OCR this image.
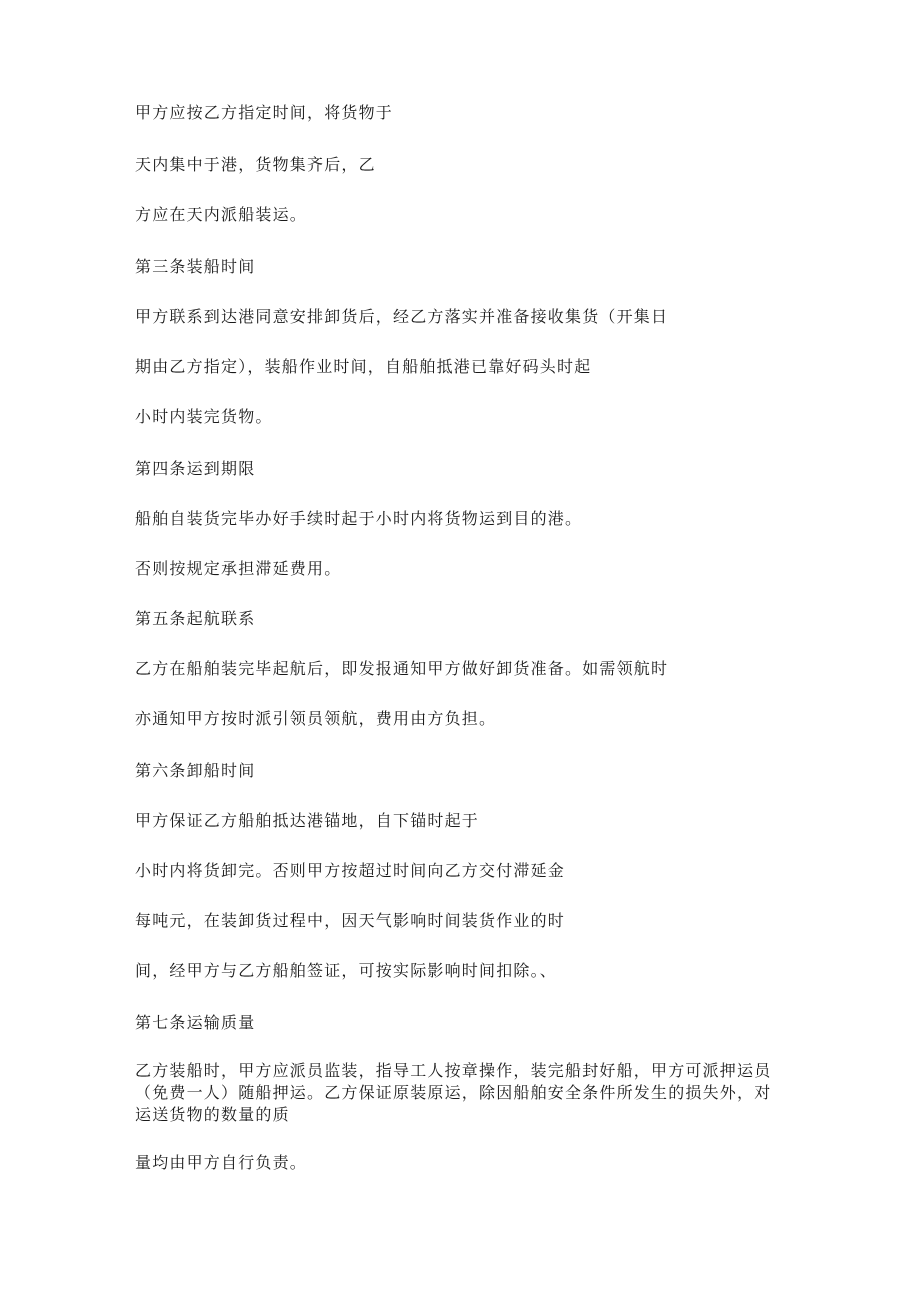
甲方应按乙方指定时间，将货物于
天内集中于港，货物集齐后，乙
方应在天内派船装运。
第三条装船时间
甲方联系到达港同意安排卸货后，经乙方落实并准备接收集货（开集日
期由乙方指定），装船作业时间，自船舶抵港已靠好码头时起
小时内装完货物。
第四条运到期限
船舶自装货完毕办好手续时起于小时内将货物运到目的港。
否则按规定承担滞延费用。
第五条起航联系
乙方在船舶装完毕起航后，即发报通知甲方做好卸货准备。如需领航时
亦通知甲方按时派引领员领航，费用由方负担。
第六条卸船时间
甲方保证乙方船舶抵达港锚地，自下锚时起于
小时内将货卸完。否则甲方按超过时间向乙方交付滞延金
每吨元，在装卸货过程中，因天气影响时间装货作业的时
间，经甲方与乙方船舶签证，可按实际影响时间扣除。、
第七条运输质量
乙方装船时，甲方应派员监装，指导工人按章操作，装完船封好船，甲方可派押运员（免费一人）随船押运。乙方保证原装原运，除因船舶安全条件所发生的损失外，对运送货物的数量的质
量均由甲方自行负责。
